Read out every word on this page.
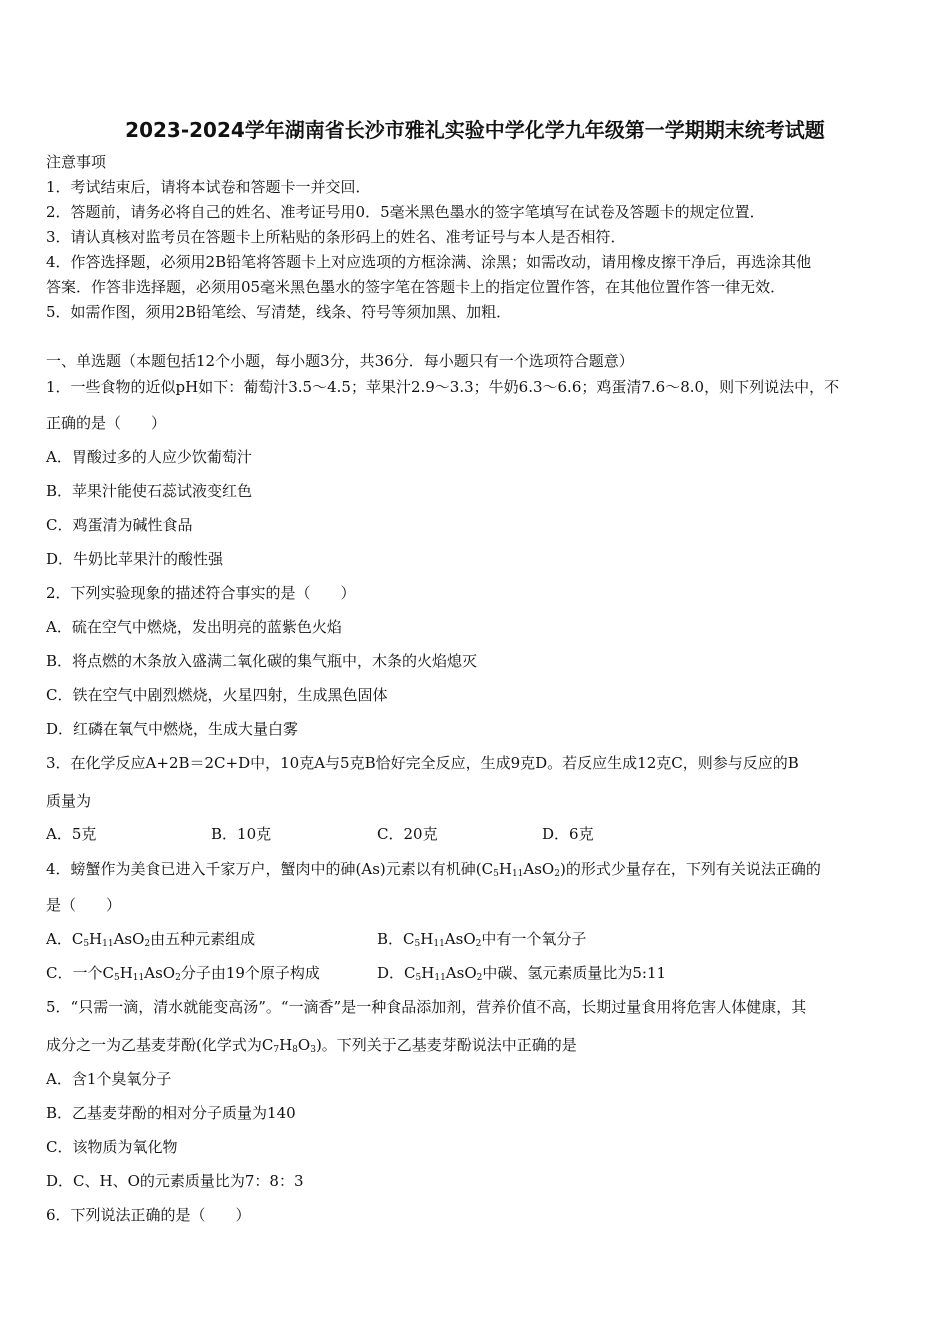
2023-2024学年湖南省长沙市雅礼实验中学化学九年级第一学期期末统考试题
注意事项
1．考试结束后，请将本试卷和答题卡一并交回．
2．答题前，请务必将自己的姓名、准考证号用0．5毫米黑色墨水的签字笔填写在试卷及答题卡的规定位置．
3．请认真核对监考员在答题卡上所粘贴的条形码上的姓名、准考证号与本人是否相符．
4．作答选择题，必须用2B铅笔将答题卡上对应选项的方框涂满、涂黑；如需改动，请用橡皮擦干净后，再选涂其他
答案．作答非选择题，必须用05毫米黑色墨水的签字笔在答题卡上的指定位置作答，在其他位置作答一律无效．
5．如需作图，须用2B铅笔绘、写清楚，线条、符号等须加黑、加粗．
一、单选题（本题包括12个小题，每小题3分，共36分．每小题只有一个选项符合题意）
1．一些食物的近似pH如下：葡萄汁3.5～4.5；苹果汁2.9～3.3；牛奶6.3～6.6；鸡蛋清7.6～8.0，则下列说法中，不
正确的是（　　）
A．胃酸过多的人应少饮葡萄汁
B．苹果汁能使石蕊试液变红色
C．鸡蛋清为碱性食品
D．牛奶比苹果汁的酸性强
2．下列实验现象的描述符合事实的是（　　）
A．硫在空气中燃烧，发出明亮的蓝紫色火焰
B．将点燃的木条放入盛满二氧化碳的集气瓶中，木条的火焰熄灭
C．铁在空气中剧烈燃烧，火星四射，生成黑色固体
D．红磷在氧气中燃烧，生成大量白雾
3．在化学反应A+2B＝2C+D中，10克A与5克B恰好完全反应，生成9克D。若反应生成12克C，则参与反应的B
质量为
A．5克	B．10克	C．20克	D．6克
4．螃蟹作为美食已进入千家万户，蟹肉中的砷(As)元素以有机砷$(C_5H_{11}AsO_2)$的形式少量存在，下列有关说法正确的
是（　　）
A．$C_5H_{11}AsO_2$由五种元素组成	B．$C_5H_{11}AsO_2$中有一个氧分子
C．一个$C_5H_{11}AsO_2$分子由19个原子构成	D．$C_5H_{11}AsO_2$中碳、氢元素质量比为5:11
5．“只需一滴，清水就能变高汤”。“一滴香”是一种食品添加剂，营养价值不高，长期过量食用将危害人体健康，其
成分之一为乙基麦芽酚(化学式为$C_7H_8O_3$)。下列关于乙基麦芽酚说法中正确的是
A．含1个臭氧分子
B．乙基麦芽酚的相对分子质量为140
C．该物质为氧化物
D．C、H、O的元素质量比为7：8：3
6．下列说法正确的是（　　）
